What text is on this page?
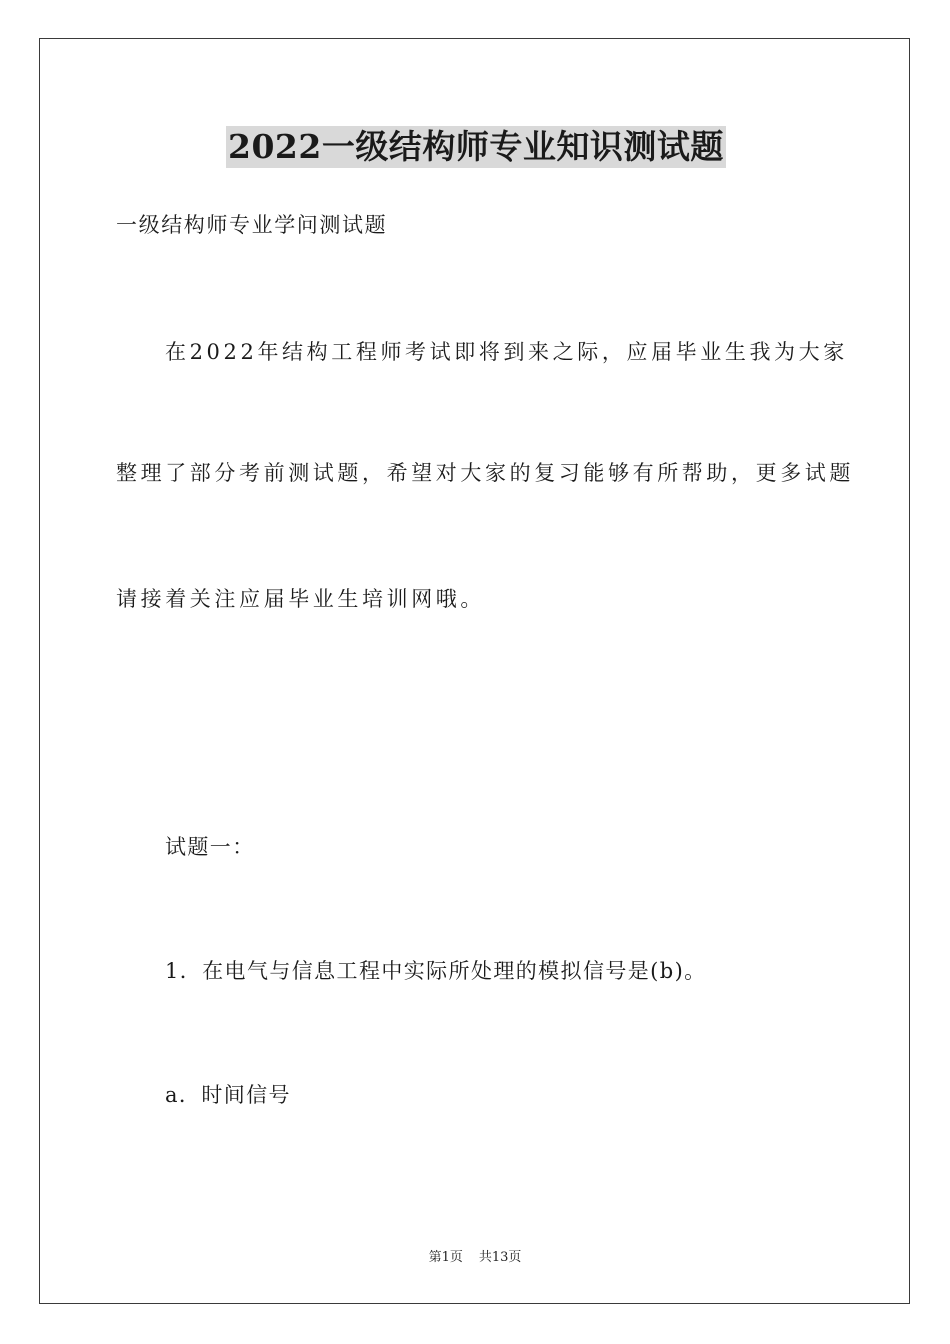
2022一级结构师专业知识测试题
一级结构师专业学问测试题
在2022年结构工程师考试即将到来之际，应届毕业生我为大家
整理了部分考前测试题，希望对大家的复习能够有所帮助，更多试题
请接着关注应届毕业生培训网哦。
试题一：
1．在电气与信息工程中实际所处理的模拟信号是(b)。
a．时间信号
第1页 共13页
